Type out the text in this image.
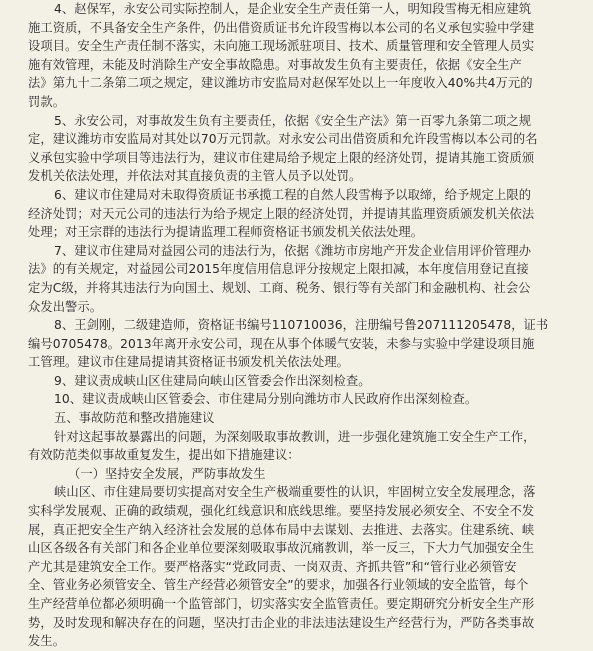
4、赵保军，永安公司实际控制人，是企业安全生产责任第一人，明知段雪梅无相应建筑
施工资质，不具备安全生产条件，仍出借资质证书允许段雪梅以本公司的名义承包实验中学建
设项目。安全生产责任制不落实，未向施工现场派驻项目、技术、质量管理和安全管理人员实
施有效管理，未能及时消除生产安全事故隐患。对事故发生负有主要责任，依据《安全生产
法》第九十二条第二项之规定，建议潍坊市安监局对赵保军处以上一年度收入40%共4万元的
罚款。
5、永安公司，对事故发生负有主要责任，依据《安全生产法》第一百零九条第二项之规
定，建议潍坊市安监局对其处以70万元罚款。对永安公司出借资质和允许段雪梅以本公司的名
义承包实验中学项目等违法行为，建议市住建局给予规定上限的经济处罚，提请其施工资质颁
发机关依法处理，并依法对其直接负责的主管人员予以处罚。
6、建议市住建局对未取得资质证书承揽工程的自然人段雪梅予以取缔，给予规定上限的
经济处罚；对天元公司的违法行为给予规定上限的经济处罚，并提请其监理资质颁发机关依法
处理；对王宗群的违法行为提请监理工程师资格证书颁发机关依法处理。
7、建议市住建局对益园公司的违法行为，依据《潍坊市房地产开发企业信用评价管理办
法》的有关规定，对益园公司2015年度信用信息评分按规定上限扣减，本年度信用登记直接
定为C级，并将其违法行为向国土、规划、工商、税务、银行等有关部门和金融机构、社会公
众发出警示。
8、王剑刚，二级建造师，资格证书编号110710036，注册编号鲁207111205478，证书
编号0705478。2013年离开永安公司，现在从事个体暖气安装，未参与实验中学建设项目施
工管理。建议市住建局提请其资格证书颁发机关依法处理。
9、建议责成峡山区住建局向峡山区管委会作出深刻检查。
10、建议责成峡山区管委会、市住建局分别向潍坊市人民政府作出深刻检查。
五、事故防范和整改措施建议
针对这起事故暴露出的问题，为深刻吸取事故教训，进一步强化建筑施工安全生产工作，
有效防范类似事故重复发生，提出如下措施建议：
（一）坚持安全发展，严防事故发生
峡山区、市住建局要切实提高对安全生产极端重要性的认识，牢固树立安全发展理念，落
实科学发展观、正确的政绩观，强化红线意识和底线思维。要坚持发展必须安全、不安全不发
展，真正把安全生产纳入经济社会发展的总体布局中去谋划、去推进、去落实。住建系统、峡
山区各级各有关部门和各企业单位要深刻吸取事故沉痛教训，举一反三，下大力气加强安全生
产尤其是建筑安全工作。要严格落实“党政同责、一岗双责、齐抓共管”和“管行业必须管安
全、管业务必须管安全、管生产经营必须管安全”的要求，加强各行业领域的安全监管，每个
生产经营单位都必须明确一个监管部门，切实落实安全监管责任。要定期研究分析安全生产形
势，及时发现和解决存在的问题，坚决打击企业的非法违法建设生产经营行为，严防各类事故
发生。
